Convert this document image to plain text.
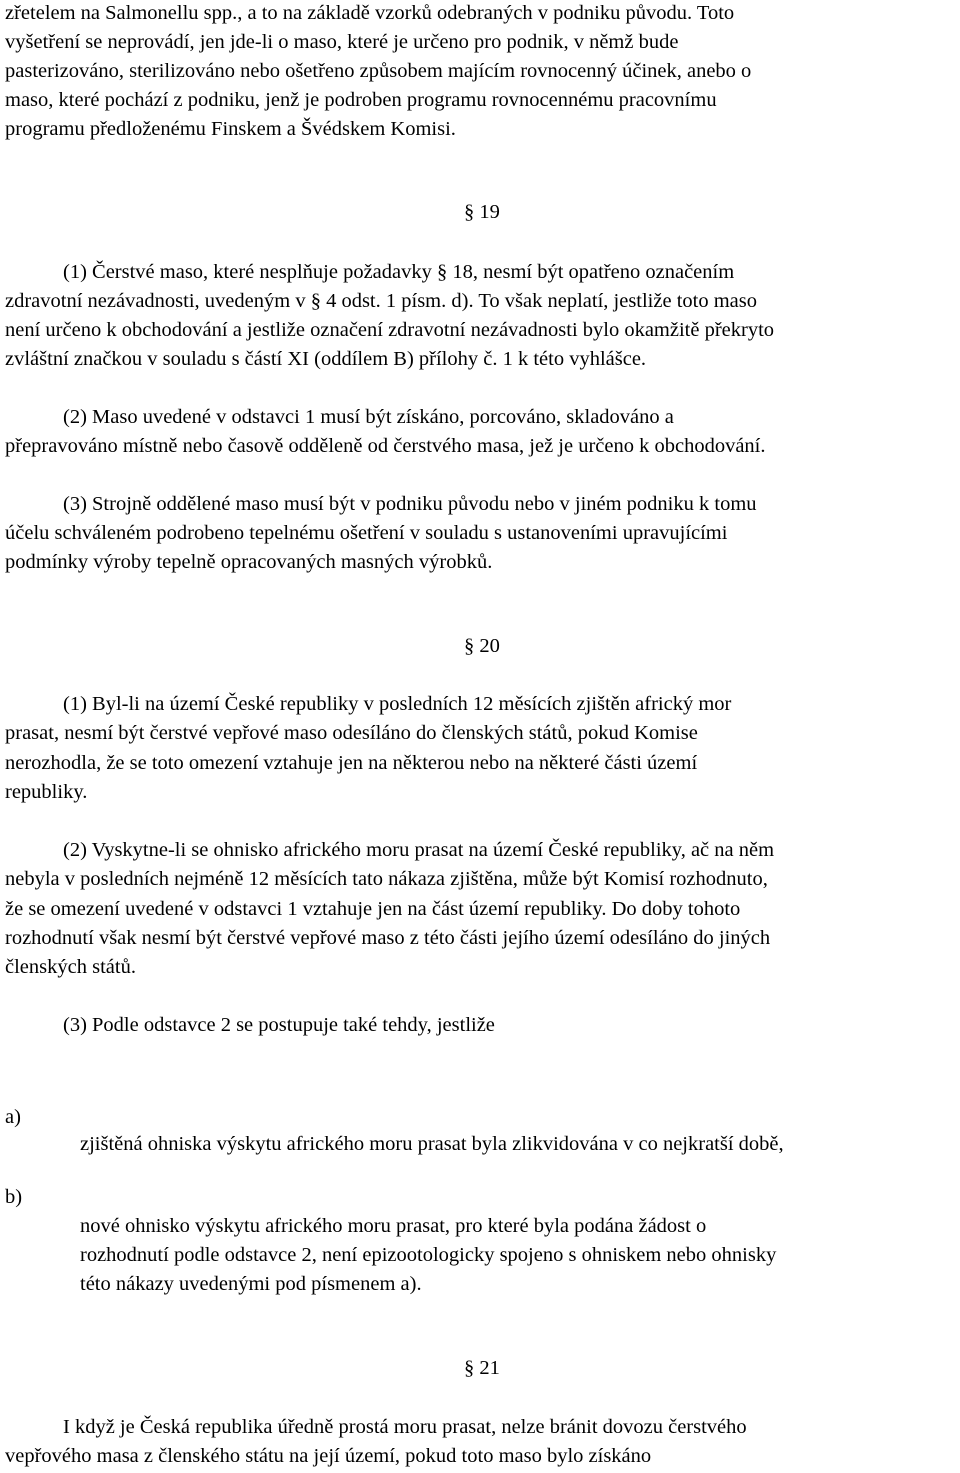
zřetelem na Salmonellu spp., a to na základě vzorků odebraných v podniku původu. Toto
vyšetření se neprovádí, jen jde-li o maso, které je určeno pro podnik, v němž bude
pasterizováno, sterilizováno nebo ošetřeno způsobem majícím rovnocenný účinek, anebo o
maso, které pochází z podniku, jenž je podroben programu rovnocennému pracovnímu
programu předloženému Finskem a Švédskem Komisi.
§ 19
(1) Čerstvé maso, které nesplňuje požadavky § 18, nesmí být opatřeno označením
zdravotní nezávadnosti, uvedeným v § 4 odst. 1 písm. d). To však neplatí, jestliže toto maso
není určeno k obchodování a jestliže označení zdravotní nezávadnosti bylo okamžitě překryto
zvláštní značkou v souladu s částí XI (oddílem B) přílohy č. 1 k této vyhlášce.
(2) Maso uvedené v odstavci 1 musí být získáno, porcováno, skladováno a
přepravováno místně nebo časově odděleně od čerstvého masa, jež je určeno k obchodování.
(3) Strojně oddělené maso musí být v podniku původu nebo v jiném podniku k tomu
účelu schváleném podrobeno tepelnému ošetření v souladu s ustanoveními upravujícími
podmínky výroby tepelně opracovaných masných výrobků.
§ 20
(1) Byl-li na území České republiky v posledních 12 měsících zjištěn africký mor
prasat, nesmí být čerstvé vepřové maso odesíláno do členských států, pokud Komise
nerozhodla, že se toto omezení vztahuje jen na některou nebo na některé části území
republiky.
(2) Vyskytne-li se ohnisko afrického moru prasat na území České republiky, ač na něm
nebyla v posledních nejméně 12 měsících tato nákaza zjištěna, může být Komisí rozhodnuto,
že se omezení uvedené v odstavci 1 vztahuje jen na část území republiky. Do doby tohoto
rozhodnutí však nesmí být čerstvé vepřové maso z této části jejího území odesíláno do jiných
členských států.
(3) Podle odstavce 2 se postupuje také tehdy, jestliže
a)
zjištěná ohniska výskytu afrického moru prasat byla zlikvidována v co nejkratší době,
b)
nové ohnisko výskytu afrického moru prasat, pro které byla podána žádost o
rozhodnutí podle odstavce 2, není epizootologicky spojeno s ohniskem nebo ohnisky
této nákazy uvedenými pod písmenem a).
§ 21
I když je Česká republika úředně prostá moru prasat, nelze bránit dovozu čerstvého
vepřového masa z členského státu na její území, pokud toto maso bylo získáno
